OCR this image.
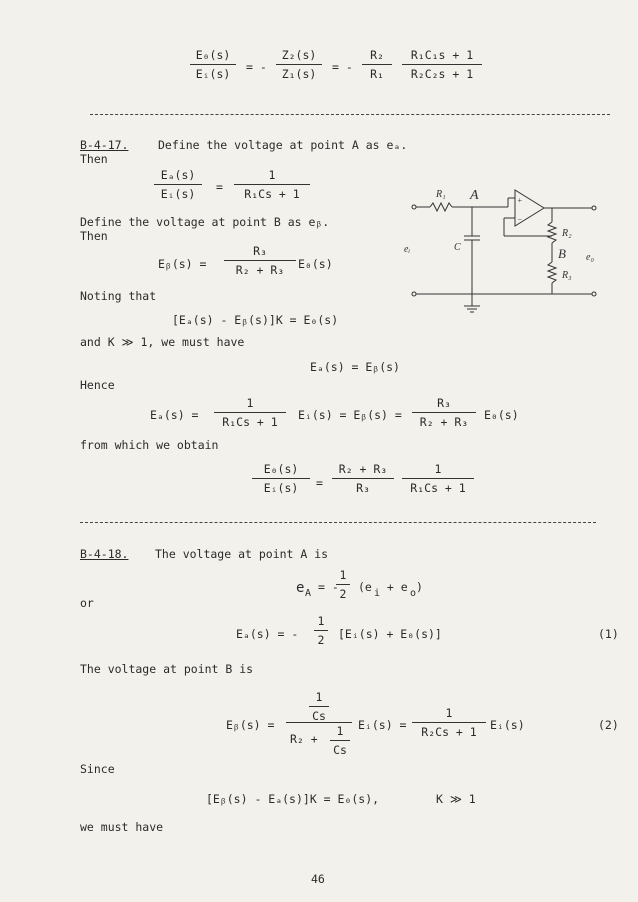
E₀(s)
Eᵢ(s)	= -
Z₂(s)
Z₁(s)	= -
R₂
R₁
R₁C₁s + 1
R₂C₂s + 1
B-4-17.	Define the voltage at point A as eₐ.
Then
Eₐ(s)
Eᵢ(s)	=
1
R₁Cs + 1
Define the voltage at point B as eᵦ.
Then
Eᵦ(s) =
R₃
R₂ + R₃	E₀(s)
Noting that
[Eₐ(s) - Eᵦ(s)]K = E₀(s)
and K ≫ 1, we must have
Eₐ(s) = Eᵦ(s)
Hence
Eₐ(s) =
1
R₁Cs + 1	Eᵢ(s) = Eᵦ(s) =
R₃
R₂ + R₃	E₀(s)
from which we obtain
E₀(s)
Eᵢ(s)	=
R₂ + R₃
R₃
1
R₁Cs + 1
R₁ A
eᵢ	C
+
−
R₂
B
R₃
e₀
B-4-18. The voltage at point A is
e A = -
1
2	(e i + e o )
or
Eₐ(s) = -
1
2	[Eᵢ(s) + E₀(s)]	(1)
The voltage at point B is
Eᵦ(s) =
1
Cs
R₂ +
1
Cs
Eᵢ(s) =
1
R₂Cs + 1	Eᵢ(s)	(2)
Since
[Eᵦ(s) - Eₐ(s)]K = E₀(s),	K ≫ 1
we must have
46
